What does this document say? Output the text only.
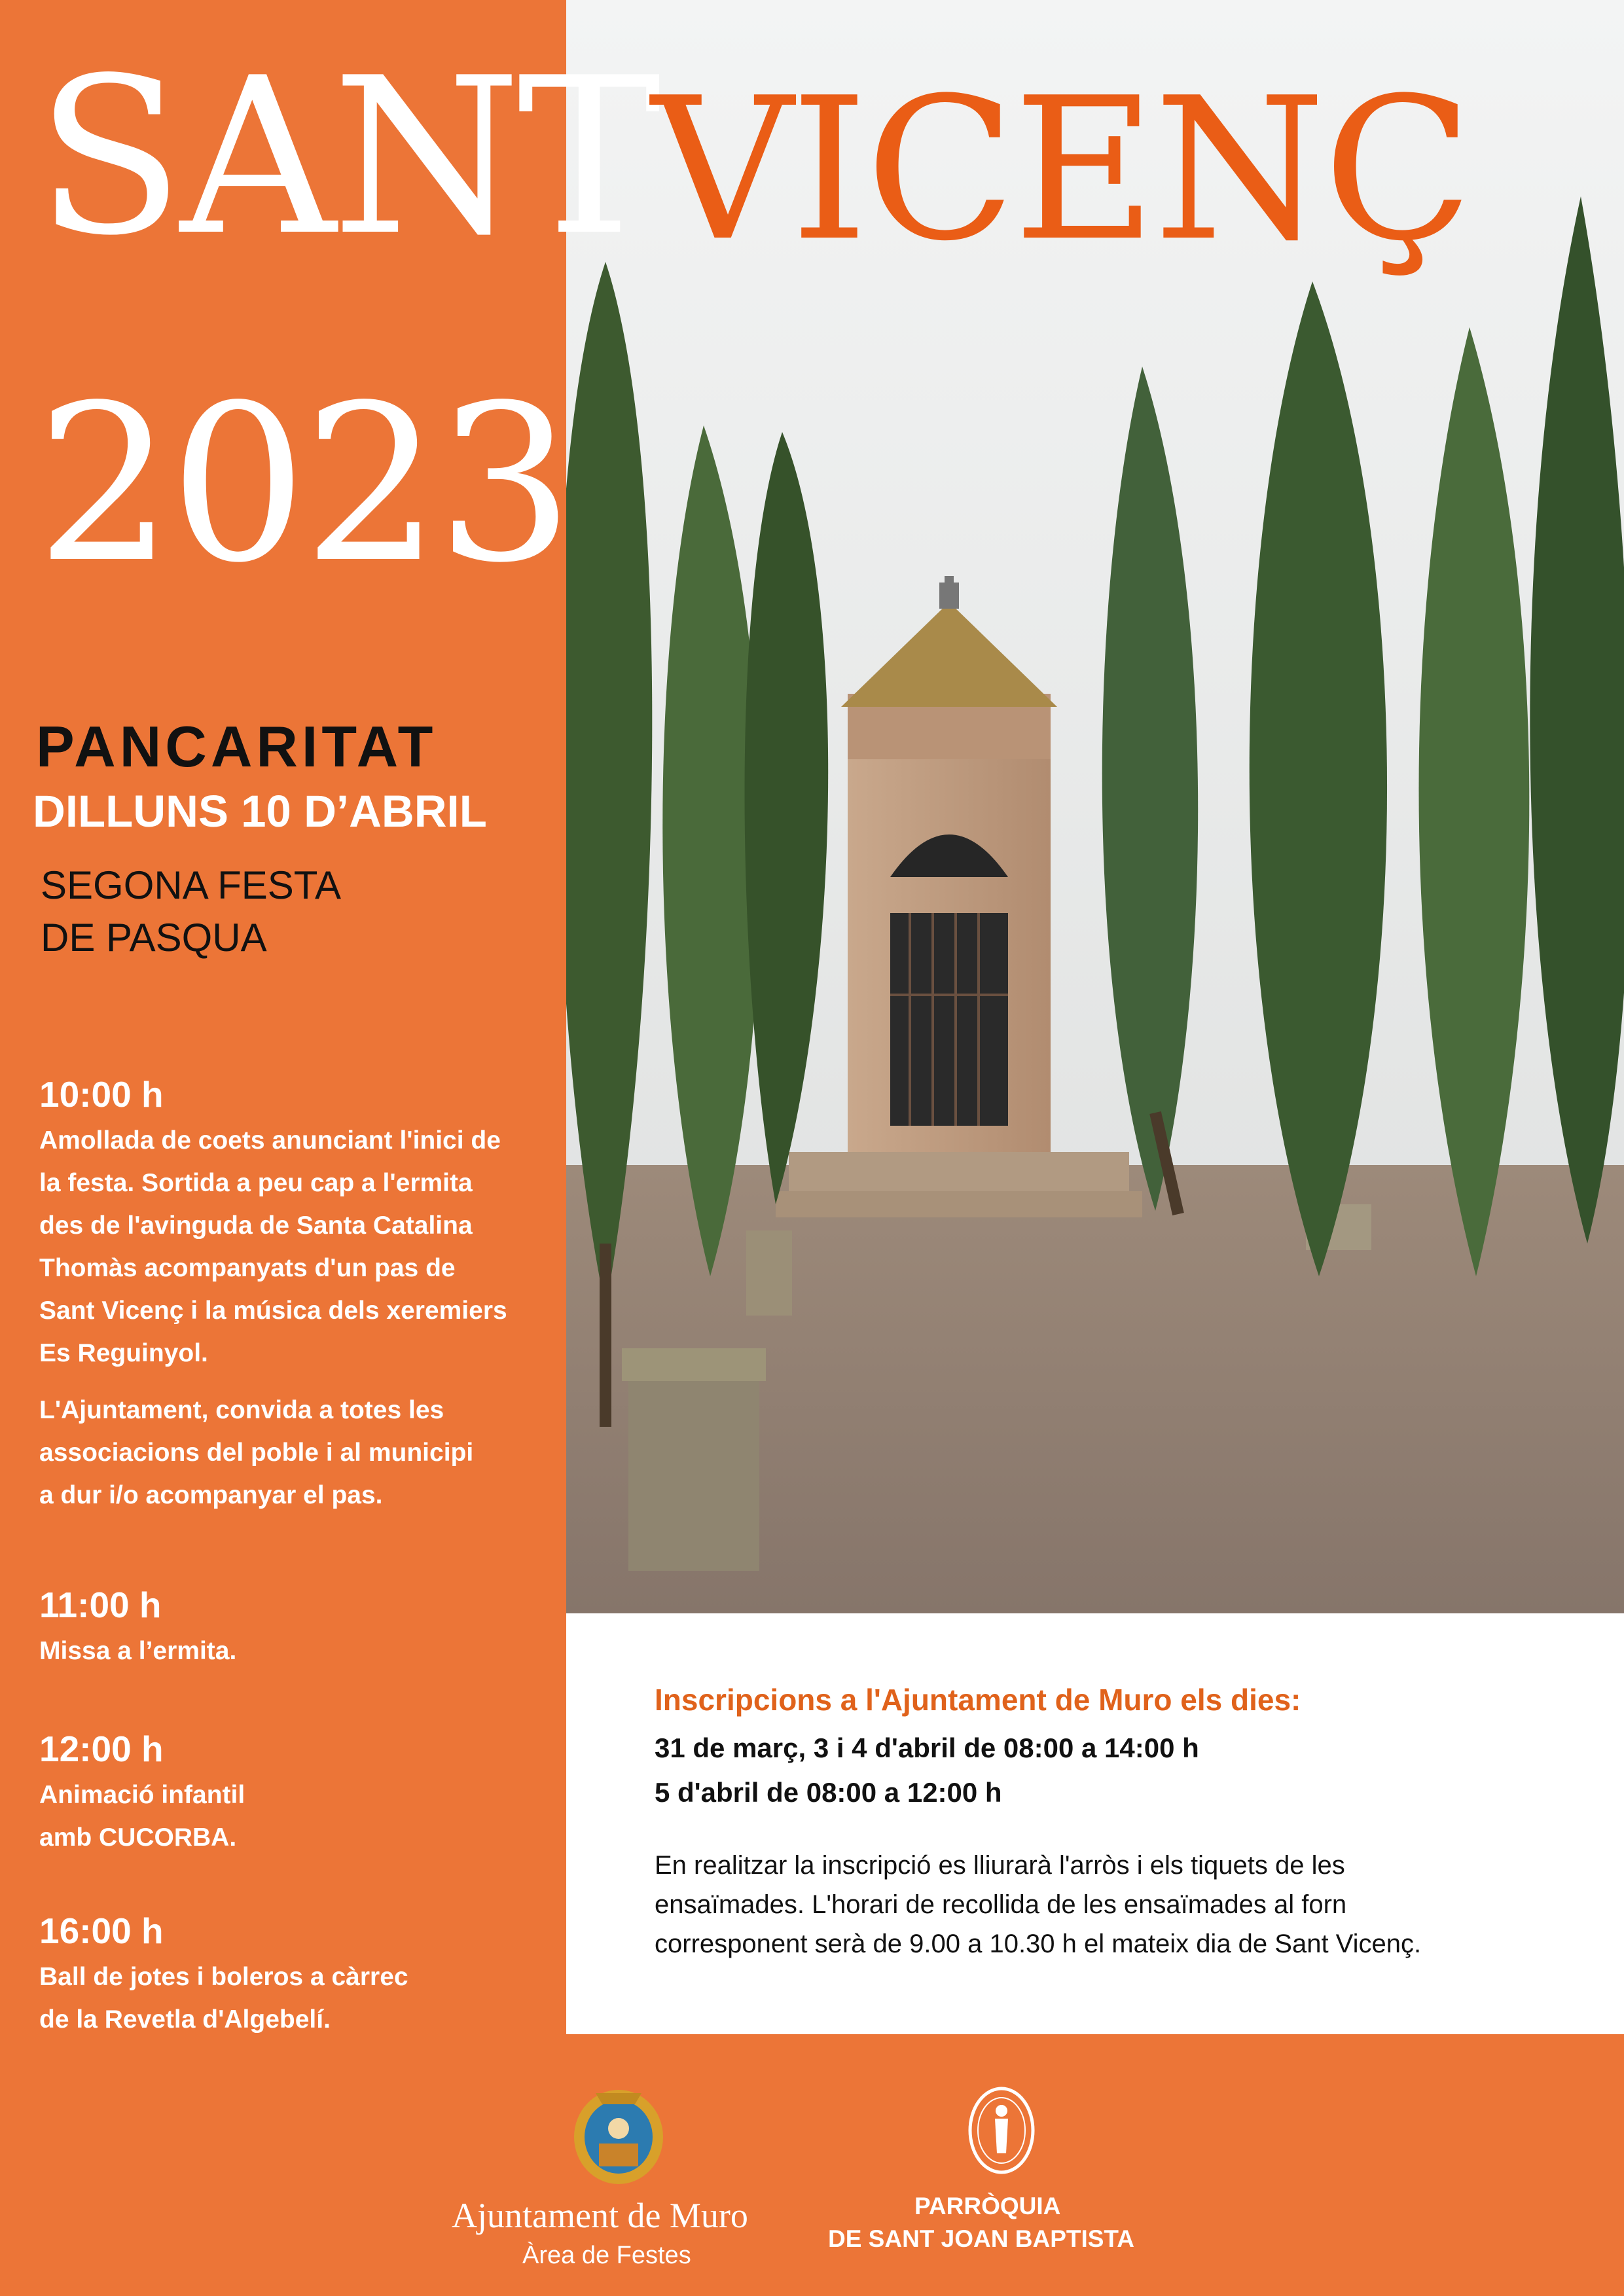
SANT
VICENÇ
2023
PANCARITAT
DILLUNS 10 D’ABRIL
SEGONA FESTA
DE PASQUA
10:00 h
Amollada de coets anunciant l'inici de
la festa. Sortida a peu cap a l'ermita
des de l'avinguda de Santa Catalina
Thomàs acompanyats d'un pas de
Sant Vicenç i la música dels xeremiers
Es Reguinyol.
L'Ajuntament, convida a totes les
associacions del poble i al municipi
a dur i/o acompanyar el pas.
11:00 h
Missa a l’ermita.
12:00 h
Animació infantil
amb CUCORBA.
16:00 h
Ball de jotes i boleros a càrrec
de la Revetla d'Algebelí.
Inscripcions a l'Ajuntament de Muro els dies:
31 de març, 3 i 4 d'abril de 08:00 a 14:00 h
5 d'abril de 08:00 a 12:00 h
En realitzar la inscripció es lliurarà l'arròs i els tiquets de les
ensaïmades. L'horari de recollida de les ensaïmades al forn
corresponent serà de 9.00 a 10.30 h el mateix dia de Sant Vicenç.
Ajuntament de Muro
Àrea de Festes
PARRÒQUIA
DE SANT JOAN BAPTISTA
